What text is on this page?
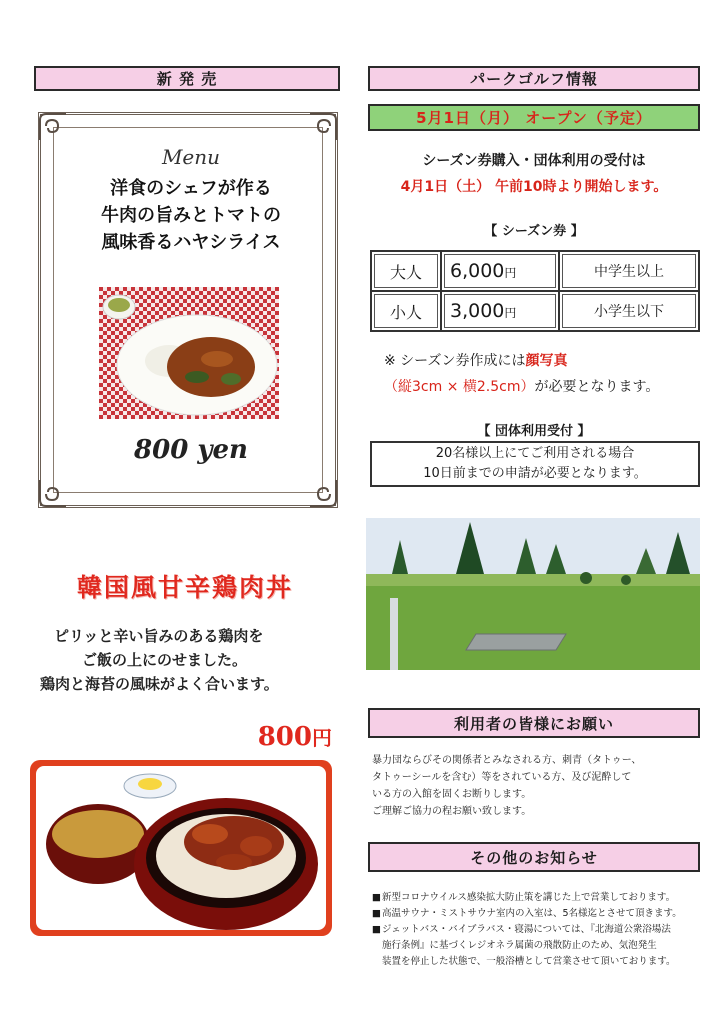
新 発 売
Menu
洋食のシェフが作る
牛肉の旨みとトマトの
風味香るハヤシライス
800 yen
韓国風甘辛鶏肉丼
ピリッと辛い旨みのある鶏肉を
ご飯の上にのせました。
鶏肉と海苔の風味がよく合います。
800円
パークゴルフ情報
5月1日（月） オープン（予定）
シーズン券購入・団体利用の受付は
4月1日（土） 午前10時より開始します。
【 シーズン券 】
大人	6,000円	中学生以上
小人	3,000円	小学生以下
※ シーズン券作成には顔写真
（縦3cm × 横2.5cm）が必要となります。
【 団体利用受付 】
20名様以上にてご利用される場合
10日前までの申請が必要となります。
利用者の皆様にお願い
暴力団ならびその関係者とみなされる方、刺青（タトゥー、
タトゥーシールを含む）等をされている方、及び泥酔して
いる方の入館を固くお断りします。
ご理解ご協力の程お願い致します。
その他のお知らせ
■ 新型コロナウイルス感染拡大防止策を講じた上で営業しております。
■ 高温サウナ・ミストサウナ室内の入室は、5名様迄とさせて頂きます。
■ ジェットバス・バイブラバス・寝湯については、『北海道公衆浴場法
施行条例』に基づくレジオネラ属菌の飛散防止のため、気泡発生
装置を停止した状態で、一般浴槽として営業させて頂いております。
